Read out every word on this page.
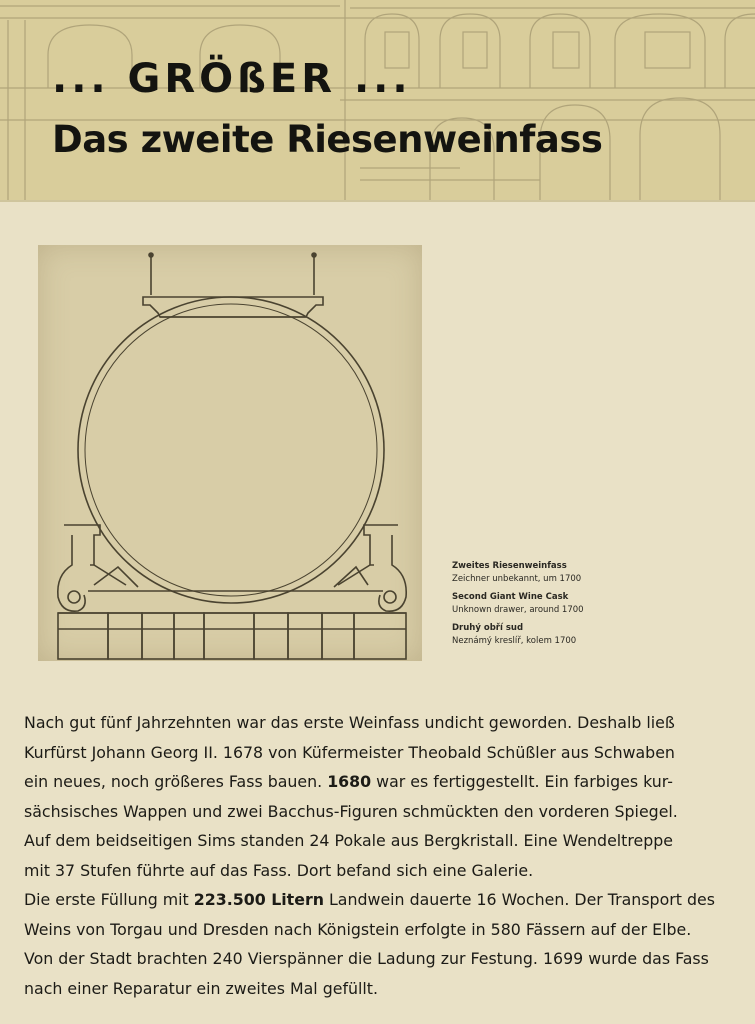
... GRÖßER ...
Das zweite Riesenweinfass
Zweites Riesenweinfass
Zeichner unbekannt, um 1700
Second Giant Wine Cask
Unknown drawer, around 1700
Druhý obří sud
Neznámý kreslíř, kolem 1700

Nach gut fünf Jahrzehnten war das erste Weinfass undicht geworden. Deshalb ließ

Kurfürst Johann Georg II. 1678 von Küfermeister Theobald Schüßler aus Schwaben

ein neues, noch größeres Fass bauen. 1680 war es fertiggestellt. Ein farbiges kur-

sächsisches Wappen und zwei Bacchus-Figuren schmückten den vorderen Spiegel.

Auf dem beidseitigen Sims standen 24 Pokale aus Bergkristall. Eine Wendeltreppe

mit 37 Stufen führte auf das Fass. Dort befand sich eine Galerie.

Die erste Füllung mit 223.500 Litern Landwein dauerte 16 Wochen. Der Transport des

Weins von Torgau und Dresden nach Königstein erfolgte in 580 Fässern auf der Elbe.

Von der Stadt brachten 240 Vierspänner die Ladung zur Festung. 1699 wurde das Fass

nach einer Reparatur ein zweites Mal gefüllt.
